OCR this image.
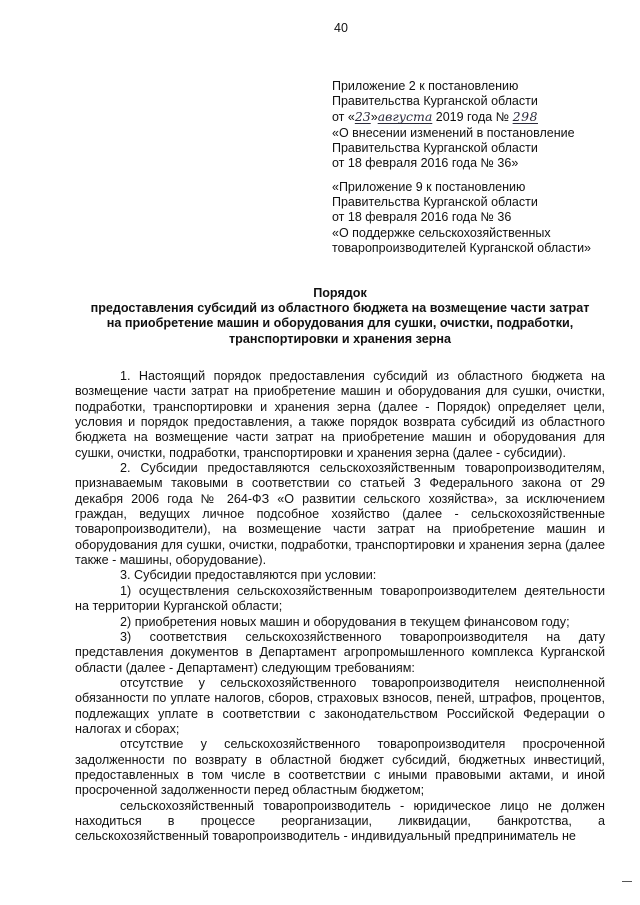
40
Приложение 2 к постановлению
Правительства Курганской области
от «23»августа 2019 года № 298
«О внесении изменений в постановление
Правительства Курганской области
от 18 февраля 2016 года № 36»
«Приложение 9 к постановлению
Правительства Курганской области
от 18 февраля 2016 года № 36
«О поддержке сельскохозяйственных
товаропроизводителей Курганской области»
Порядок
предоставления субсидий из областного бюджета на возмещение части затрат
на приобретение машин и оборудования для сушки, очистки, подработки,
транспортировки и хранения зерна

1. Настоящий порядок предоставления субсидий из областного бюджета на возмещение части затрат на приобретение машин и оборудования для сушки, очистки, подработки, транспортировки и хранения зерна (далее - Порядок) определяет цели, условия и порядок предоставления, а также порядок возврата субсидий из областного бюджета на возмещение части затрат на приобретение машин и оборудования для сушки, очистки, подработки, транспортировки и хранения зерна (далее - субсидии).

2. Субсидии предоставляются сельскохозяйственным товаропроизводителям, признаваемым таковыми в соответствии со статьей 3 Федерального закона от 29 декабря 2006 года № 264-ФЗ «О развитии сельского хозяйства», за исключением граждан, ведущих личное подсобное хозяйство (далее - сельскохозяйственные товаропроизводители), на возмещение части затрат на приобретение машин и оборудования для сушки, очистки, подработки, транспортировки и хранения зерна (далее также - машины, оборудование).

3. Субсидии предоставляются при условии:

1) осуществления сельскохозяйственным товаропроизводителем деятельности на территории Курганской области;

2) приобретения новых машин и оборудования в текущем финансовом году;

3) соответствия сельскохозяйственного товаропроизводителя на дату представления документов в Департамент агропромышленного комплекса Курганской области (далее - Департамент) следующим требованиям:

отсутствие у сельскохозяйственного товаропроизводителя неисполненной обязанности по уплате налогов, сборов, страховых взносов, пеней, штрафов, процентов, подлежащих уплате в соответствии с законодательством Российской Федерации о налогах и сборах;

отсутствие у сельскохозяйственного товаропроизводителя просроченной задолженности по возврату в областной бюджет субсидий, бюджетных инвестиций, предоставленных в том числе в соответствии с иными правовыми актами, и иной просроченной задолженности перед областным бюджетом;

сельскохозяйственный товаропроизводитель - юридическое лицо не должен находиться в процессе реорганизации, ликвидации, банкротства, а сельскохозяйственный товаропроизводитель - индивидуальный предприниматель не
